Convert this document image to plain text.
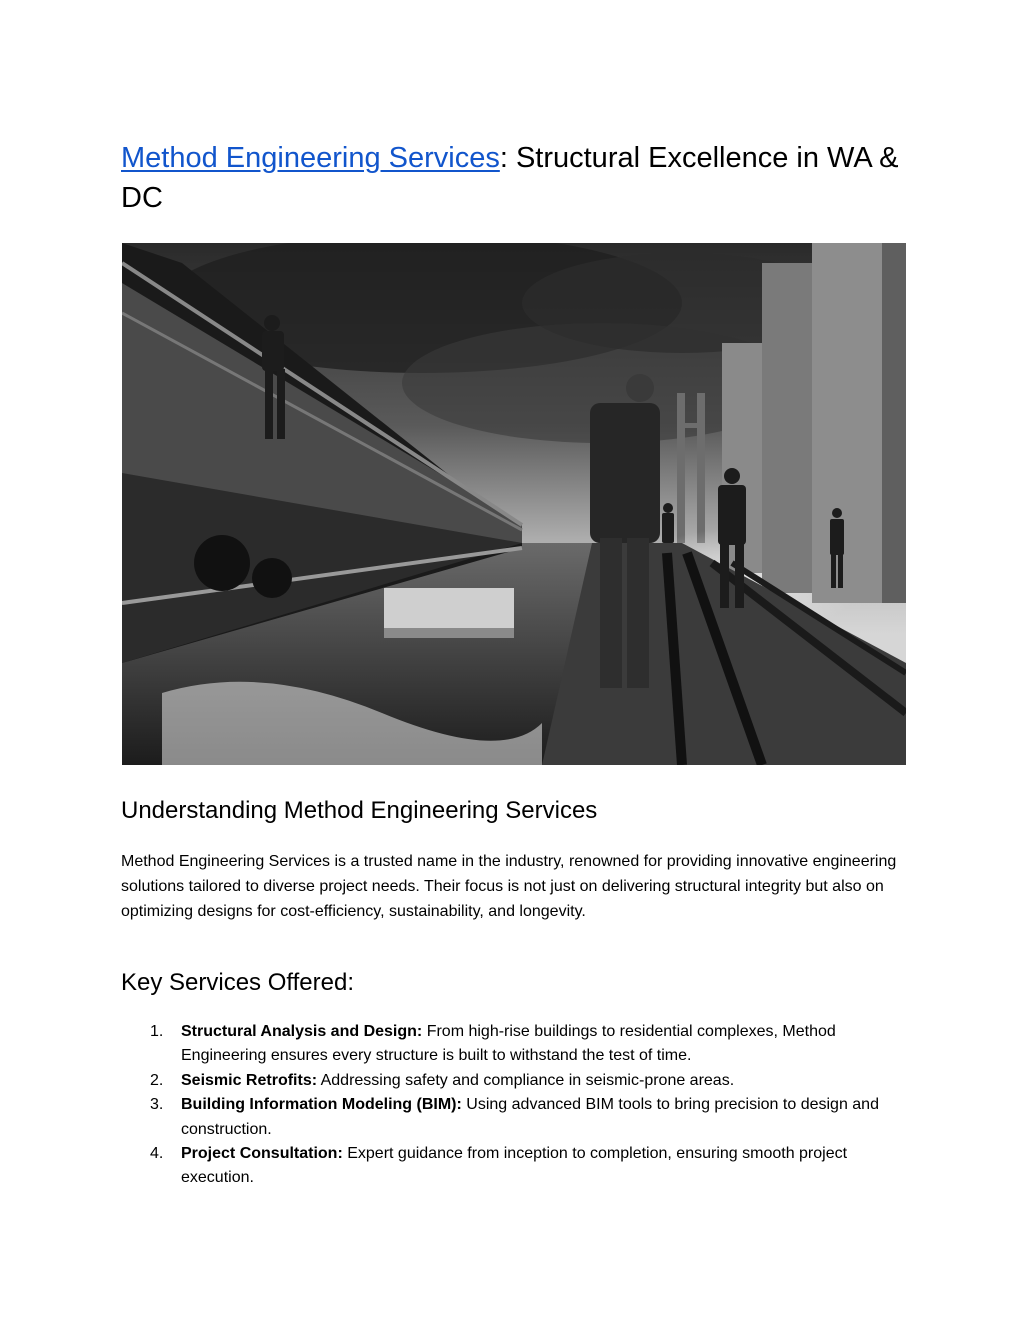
Method Engineering Services: Structural Excellence in WA & DC
Understanding Method Engineering Services

Method Engineering Services is a trusted name in the industry, renowned for providing innovative engineering solutions tailored to diverse project needs. Their focus is not just on delivering structural integrity but also on optimizing designs for cost-efficiency, sustainability, and longevity.

Key Services Offered:
1. Structural Analysis and Design: From high-rise buildings to residential complexes, Method Engineering ensures every structure is built to withstand the test of time.
2. Seismic Retrofits: Addressing safety and compliance in seismic-prone areas.
3. Building Information Modeling (BIM): Using advanced BIM tools to bring precision to design and construction.
4. Project Consultation: Expert guidance from inception to completion, ensuring smooth project execution.
